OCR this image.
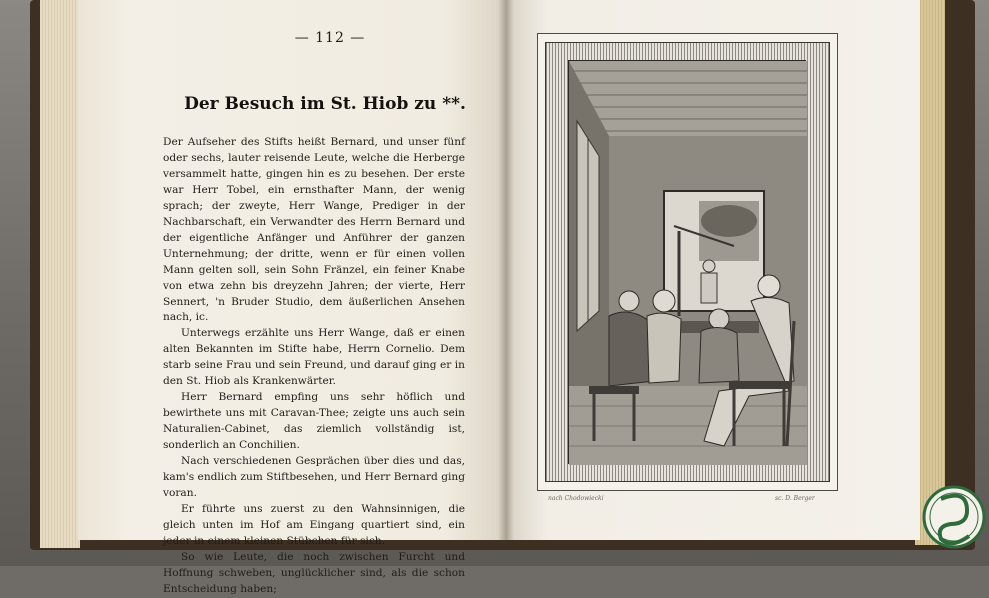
— 112 —
Der Besuch im St. Hiob zu **.

Der Aufseher des Stifts heißt Bernard, und unser fünf oder sechs, lauter reisende Leute, welche die Herberge versammelt hatte, gingen hin es zu besehen. Der erste war Herr Tobel, ein ernsthafter Mann, der wenig sprach; der zweyte, Herr Wange, Prediger in der Nachbarschaft, ein Verwandter des Herrn Bernard und der eigentliche Anfänger und Anführer der ganzen Unternehmung; der dritte, wenn er für einen vollen Mann gelten soll, sein Sohn Fränzel, ein feiner Knabe von etwa zehn bis dreyzehn Jahren; der vierte, Herr Sennert, 'n Bruder Studio, dem äußerlichen Ansehen nach, ic.

Unterwegs erzählte uns Herr Wange, daß er einen alten Bekannten im Stifte habe, Herrn Cornelio. Dem starb seine Frau und sein Freund, und darauf ging er in den St. Hiob als Krankenwärter.

Herr Bernard empfing uns sehr höflich und bewirthete uns mit Caravan-Thee; zeigte uns auch sein Naturalien-Cabinet, das ziemlich vollständig ist, sonderlich an Conchilien.

Nach verschiedenen Gesprächen über dies und das, kam's endlich zum Stiftbesehen, und Herr Bernard ging voran.

Er führte uns zuerst zu den Wahnsinnigen, die gleich unten im Hof am Eingang quartiert sind, ein jeder in einem kleinen Stübchen für sich.

So wie Leute, die noch zwischen Furcht und Hoffnung schweben, unglücklicher sind, als die schon Entscheidung haben;

nach Chodowiecki	sc. D. Berger
